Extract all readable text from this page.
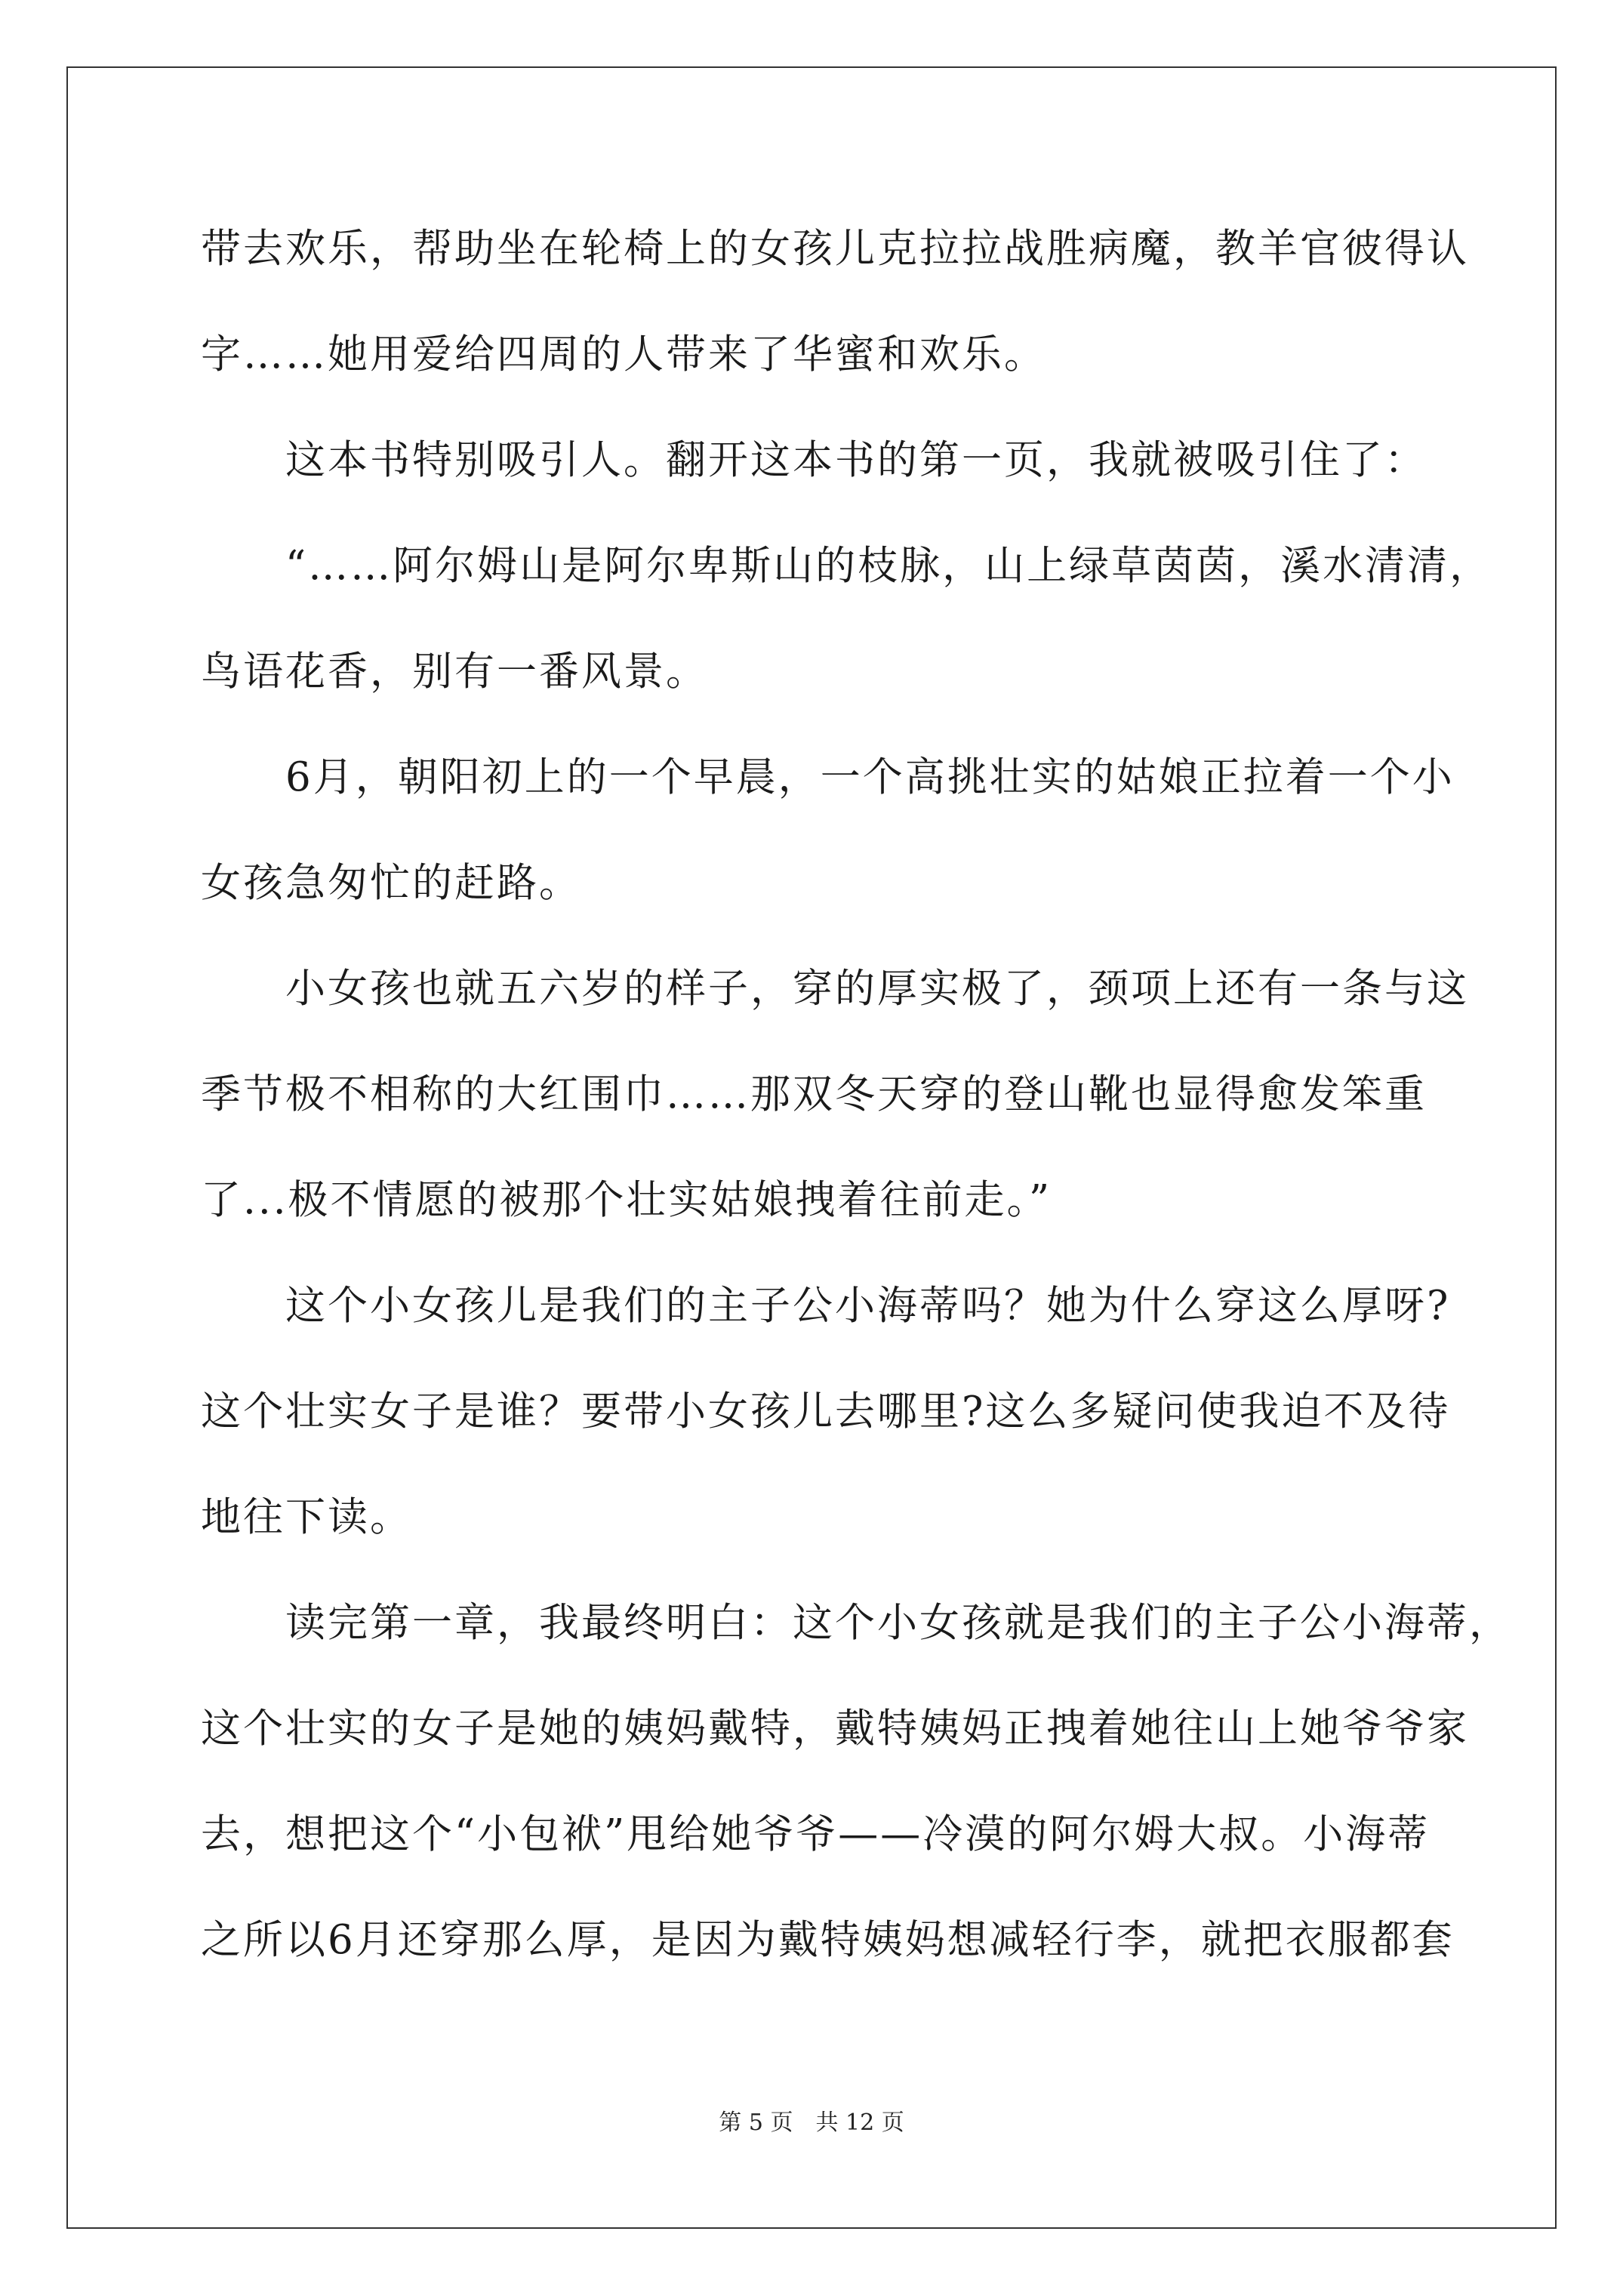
带去欢乐，帮助坐在轮椅上的女孩儿克拉拉战胜病魔，教羊官彼得认
字……她用爱给四周的人带来了华蜜和欢乐。
　　这本书特别吸引人。翻开这本书的第一页，我就被吸引住了：
　　“……阿尔姆山是阿尔卑斯山的枝脉，山上绿草茵茵，溪水清清，
鸟语花香，别有一番风景。
　　6月，朝阳初上的一个早晨，一个高挑壮实的姑娘正拉着一个小
女孩急匆忙的赶路。
　　小女孩也就五六岁的样子，穿的厚实极了，颈项上还有一条与这
季节极不相称的大红围巾……那双冬天穿的登山靴也显得愈发笨重
了...极不情愿的被那个壮实姑娘拽着往前走。”
　　这个小女孩儿是我们的主子公小海蒂吗？她为什么穿这么厚呀?
这个壮实女子是谁？要带小女孩儿去哪里?这么多疑问使我迫不及待
地往下读。
　　读完第一章，我最终明白：这个小女孩就是我们的主子公小海蒂，
这个壮实的女子是她的姨妈戴特，戴特姨妈正拽着她往山上她爷爷家
去，想把这个“小包袱”甩给她爷爷——冷漠的阿尔姆大叔。小海蒂
之所以6月还穿那么厚，是因为戴特姨妈想减轻行李，就把衣服都套
第 5 页　共 12 页
